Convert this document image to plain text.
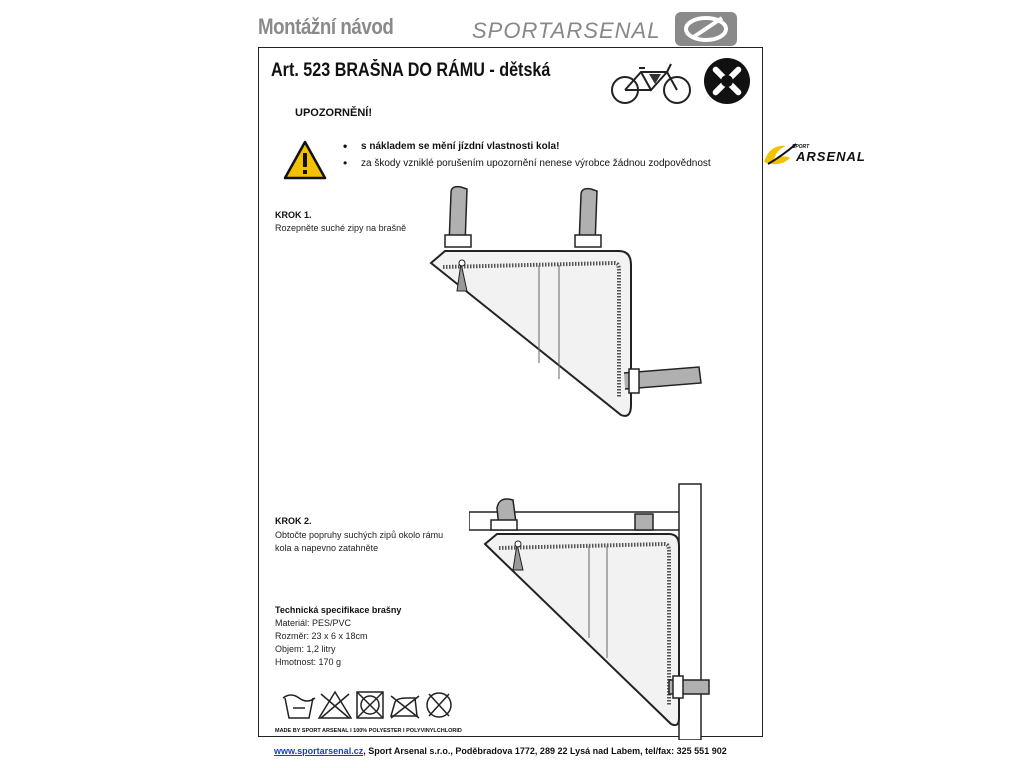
Montážní návod	SPORTARSENAL
Art. 523 BRAŠNA DO RÁMU - dětská
UPOZORNĚNÍ!
• s nákladem se mění jízdní vlastnosti kola!
• za škody vzniklé porušením upozornění nenese výrobce žádnou zodpovědnost
KROK 1.
Rozepněte suché zipy na brašně
KROK 2.
Obtočte popruhy suchých zipů okolo rámu
kola a napevno zatahněte
Technická specifikace brašny
Materiál: PES/PVC
Rozměr: 23 x 6 x 18cm
Objem: 1,2 litry
Hmotnost: 170 g
MADE BY SPORT ARSENAL I 100% POLYESTER I POLYVINYLCHLORID
SPORT
ARSENAL
www.sportarsenal.cz, Sport Arsenal s.r.o., Poděbradova 1772, 289 22 Lysá nad Labem, tel/fax: 325 551 902
